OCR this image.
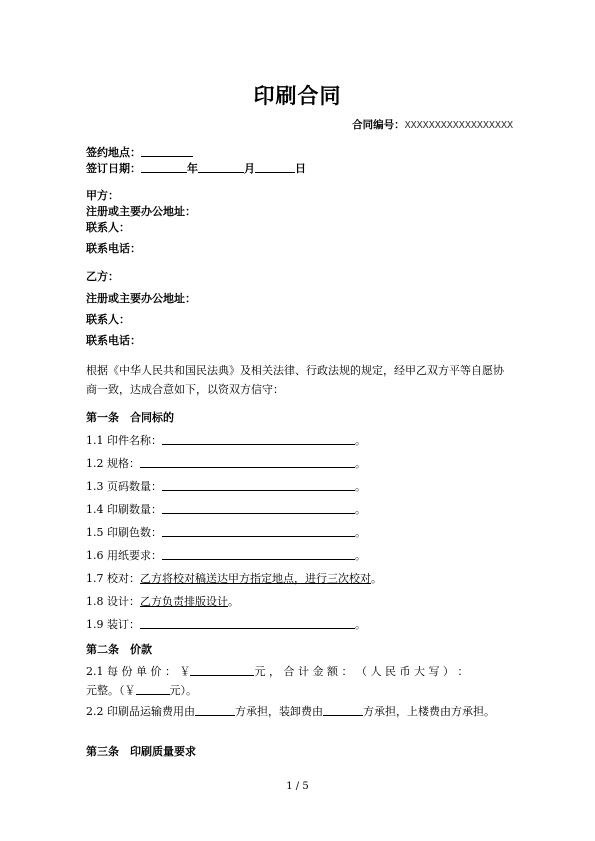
印刷合同
合同编号：XXXXXXXXXXXXXXXXXX
签约地点：
签订日期：	年	月	日
甲方：
注册或主要办公地址：
联系人：
联系电话：
乙方：
注册或主要办公地址：
联系人：
联系电话：
根据《中华人民共和国民法典》及相关法律、行政法规的规定，经甲乙双方平等自愿协商一致，达成合意如下，以资双方信守：
第一条　合同标的
1.1 印件名称：	。
1.2 规格：	。
1.3 页码数量：	。
1.4 印刷数量：	。
1.5 印刷色数：	。
1.6 用纸要求：	。
1.7 校对：乙方将校对稿送达甲方指定地点，进行三次校对。
1.8 设计：乙方负责排版设计。
1.9 装订：	。
第二条　价款
2.1 每 份 单 价 ： ￥	元 ， 合 计 金 额 ： （ 人 民 币 大 写 ） ：
元整。（￥	元）。
2.2 印刷品运输费用由	方承担，装卸费由	方承担，上楼费由方承担。
第三条　印刷质量要求
1 / 5
